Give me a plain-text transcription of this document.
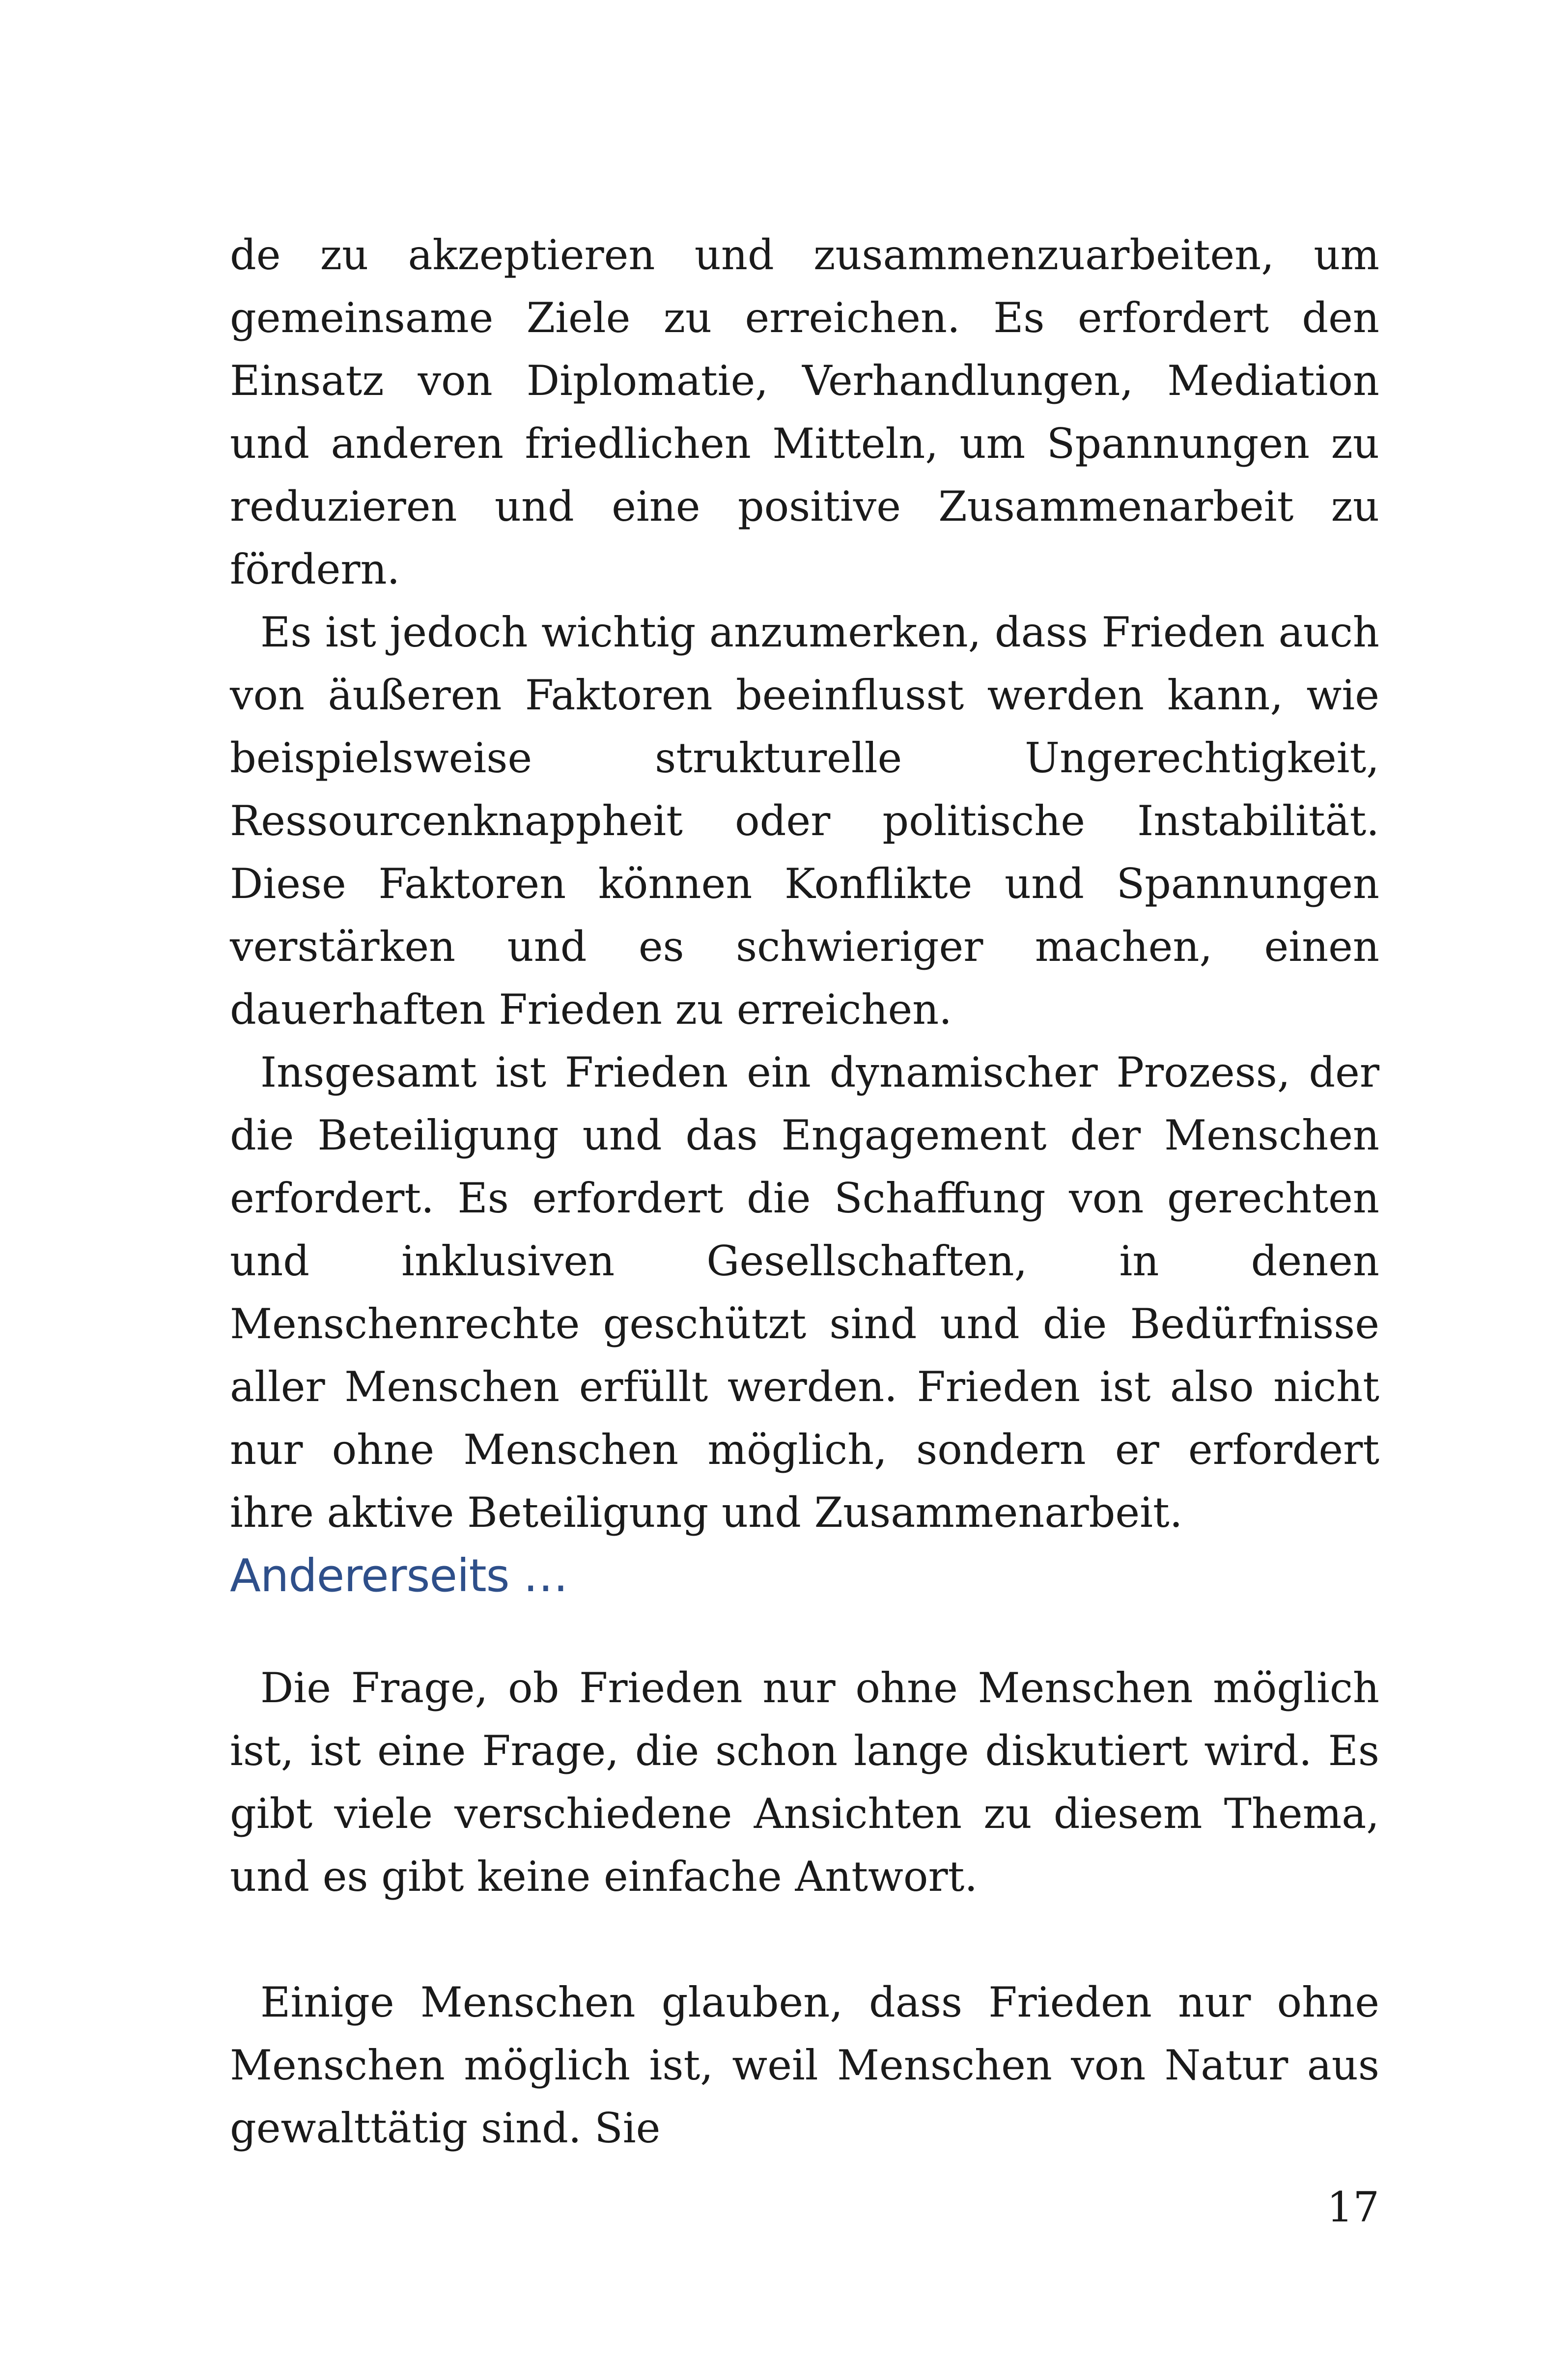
de zu akzeptieren und zusammenzuarbeiten, um gemeinsame Ziele zu erreichen. Es erfordert den Einsatz von Diplomatie, Verhandlungen, Mediation und anderen friedlichen Mitteln, um Spannungen zu reduzieren und eine positive Zusammenarbeit zu fördern.

Es ist jedoch wichtig anzumerken, dass Frieden auch von äußeren Faktoren beeinflusst werden kann, wie beispielsweise strukturelle Ungerechtigkeit, Ressourcenknappheit oder politische Instabilität. Diese Faktoren können Konflikte und Spannungen verstärken und es schwieriger machen, einen dauerhaften Frieden zu erreichen.

Insgesamt ist Frieden ein dynamischer Prozess, der die Beteiligung und das Engagement der Menschen erfordert. Es erfordert die Schaffung von gerechten und inklusiven Gesellschaften, in denen Menschenrechte geschützt sind und die Bedürfnisse aller Menschen erfüllt werden. Frieden ist also nicht nur ohne Menschen möglich, sondern er erfordert ihre aktive Beteiligung und Zusammenarbeit.

Andererseits …

Die Frage, ob Frieden nur ohne Menschen möglich ist, ist eine Frage, die schon lange diskutiert wird. Es gibt viele verschiedene Ansichten zu diesem Thema, und es gibt keine einfache Antwort.

Einige Menschen glauben, dass Frieden nur ohne Menschen möglich ist, weil Menschen von Natur aus gewalttätig sind. Sie

17
